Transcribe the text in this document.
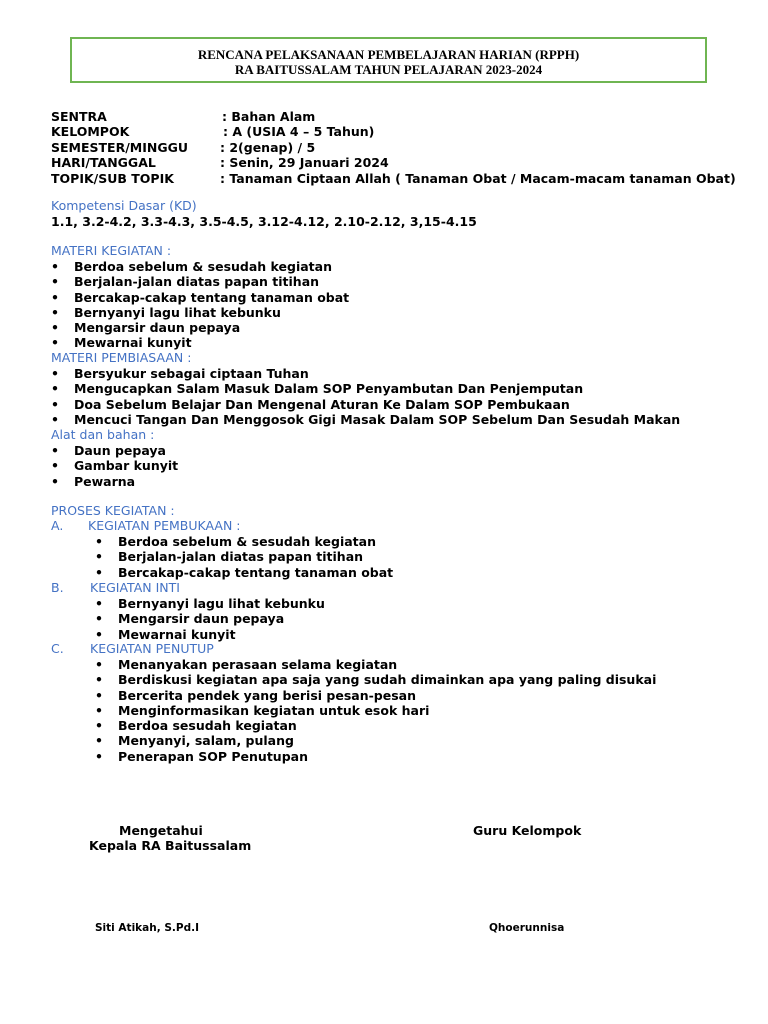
RENCANA PELAKSANAAN PEMBELAJARAN HARIAN (RPPH)
RA BAITUSSALAM TAHUN PELAJARAN 2023-2024
SENTRA	: Bahan Alam
KELOMPOK	: A (USIA 4 – 5 Tahun)
SEMESTER/MINGGU	: 2(genap) / 5
HARI/TANGGAL	: Senin, 29 Januari 2024
TOPIK/SUB TOPIK	: Tanaman Ciptaan Allah ( Tanaman Obat / Macam-macam tanaman Obat)
Kompetensi Dasar (KD)
1.1, 3.2-4.2, 3.3-4.3, 3.5-4.5, 3.12-4.12, 2.10-2.12, 3,15-4.15
MATERI KEGIATAN :
• Berdoa sebelum & sesudah kegiatan
• Berjalan-jalan diatas papan titihan
• Bercakap-cakap tentang tanaman obat
• Bernyanyi lagu lihat kebunku
• Mengarsir daun pepaya
• Mewarnai kunyit
MATERI PEMBIASAAN :
• Bersyukur sebagai ciptaan Tuhan
• Mengucapkan Salam Masuk Dalam SOP Penyambutan Dan Penjemputan
• Doa Sebelum Belajar Dan Mengenal Aturan Ke Dalam SOP Pembukaan
• Mencuci Tangan Dan Menggosok Gigi Masak Dalam SOP Sebelum Dan Sesudah Makan
Alat dan bahan :
• Daun pepaya
• Gambar kunyit
• Pewarna
PROSES KEGIATAN :
A. KEGIATAN PEMBUKAAN :
• Berdoa sebelum & sesudah kegiatan
• Berjalan-jalan diatas papan titihan
• Bercakap-cakap tentang tanaman obat
B. KEGIATAN INTI
• Bernyanyi lagu lihat kebunku
• Mengarsir daun pepaya
• Mewarnai kunyit
C. KEGIATAN PENUTUP
• Menanyakan perasaan selama kegiatan
• Berdiskusi kegiatan apa saja yang sudah dimainkan apa yang paling disukai
• Bercerita pendek yang berisi pesan-pesan
• Menginformasikan kegiatan untuk esok hari
• Berdoa sesudah kegiatan
• Menyanyi, salam, pulang
• Penerapan SOP Penutupan
Mengetahui
Kepala RA Baitussalam
Guru Kelompok
Siti Atikah, S.Pd.I	Qhoerunnisa
